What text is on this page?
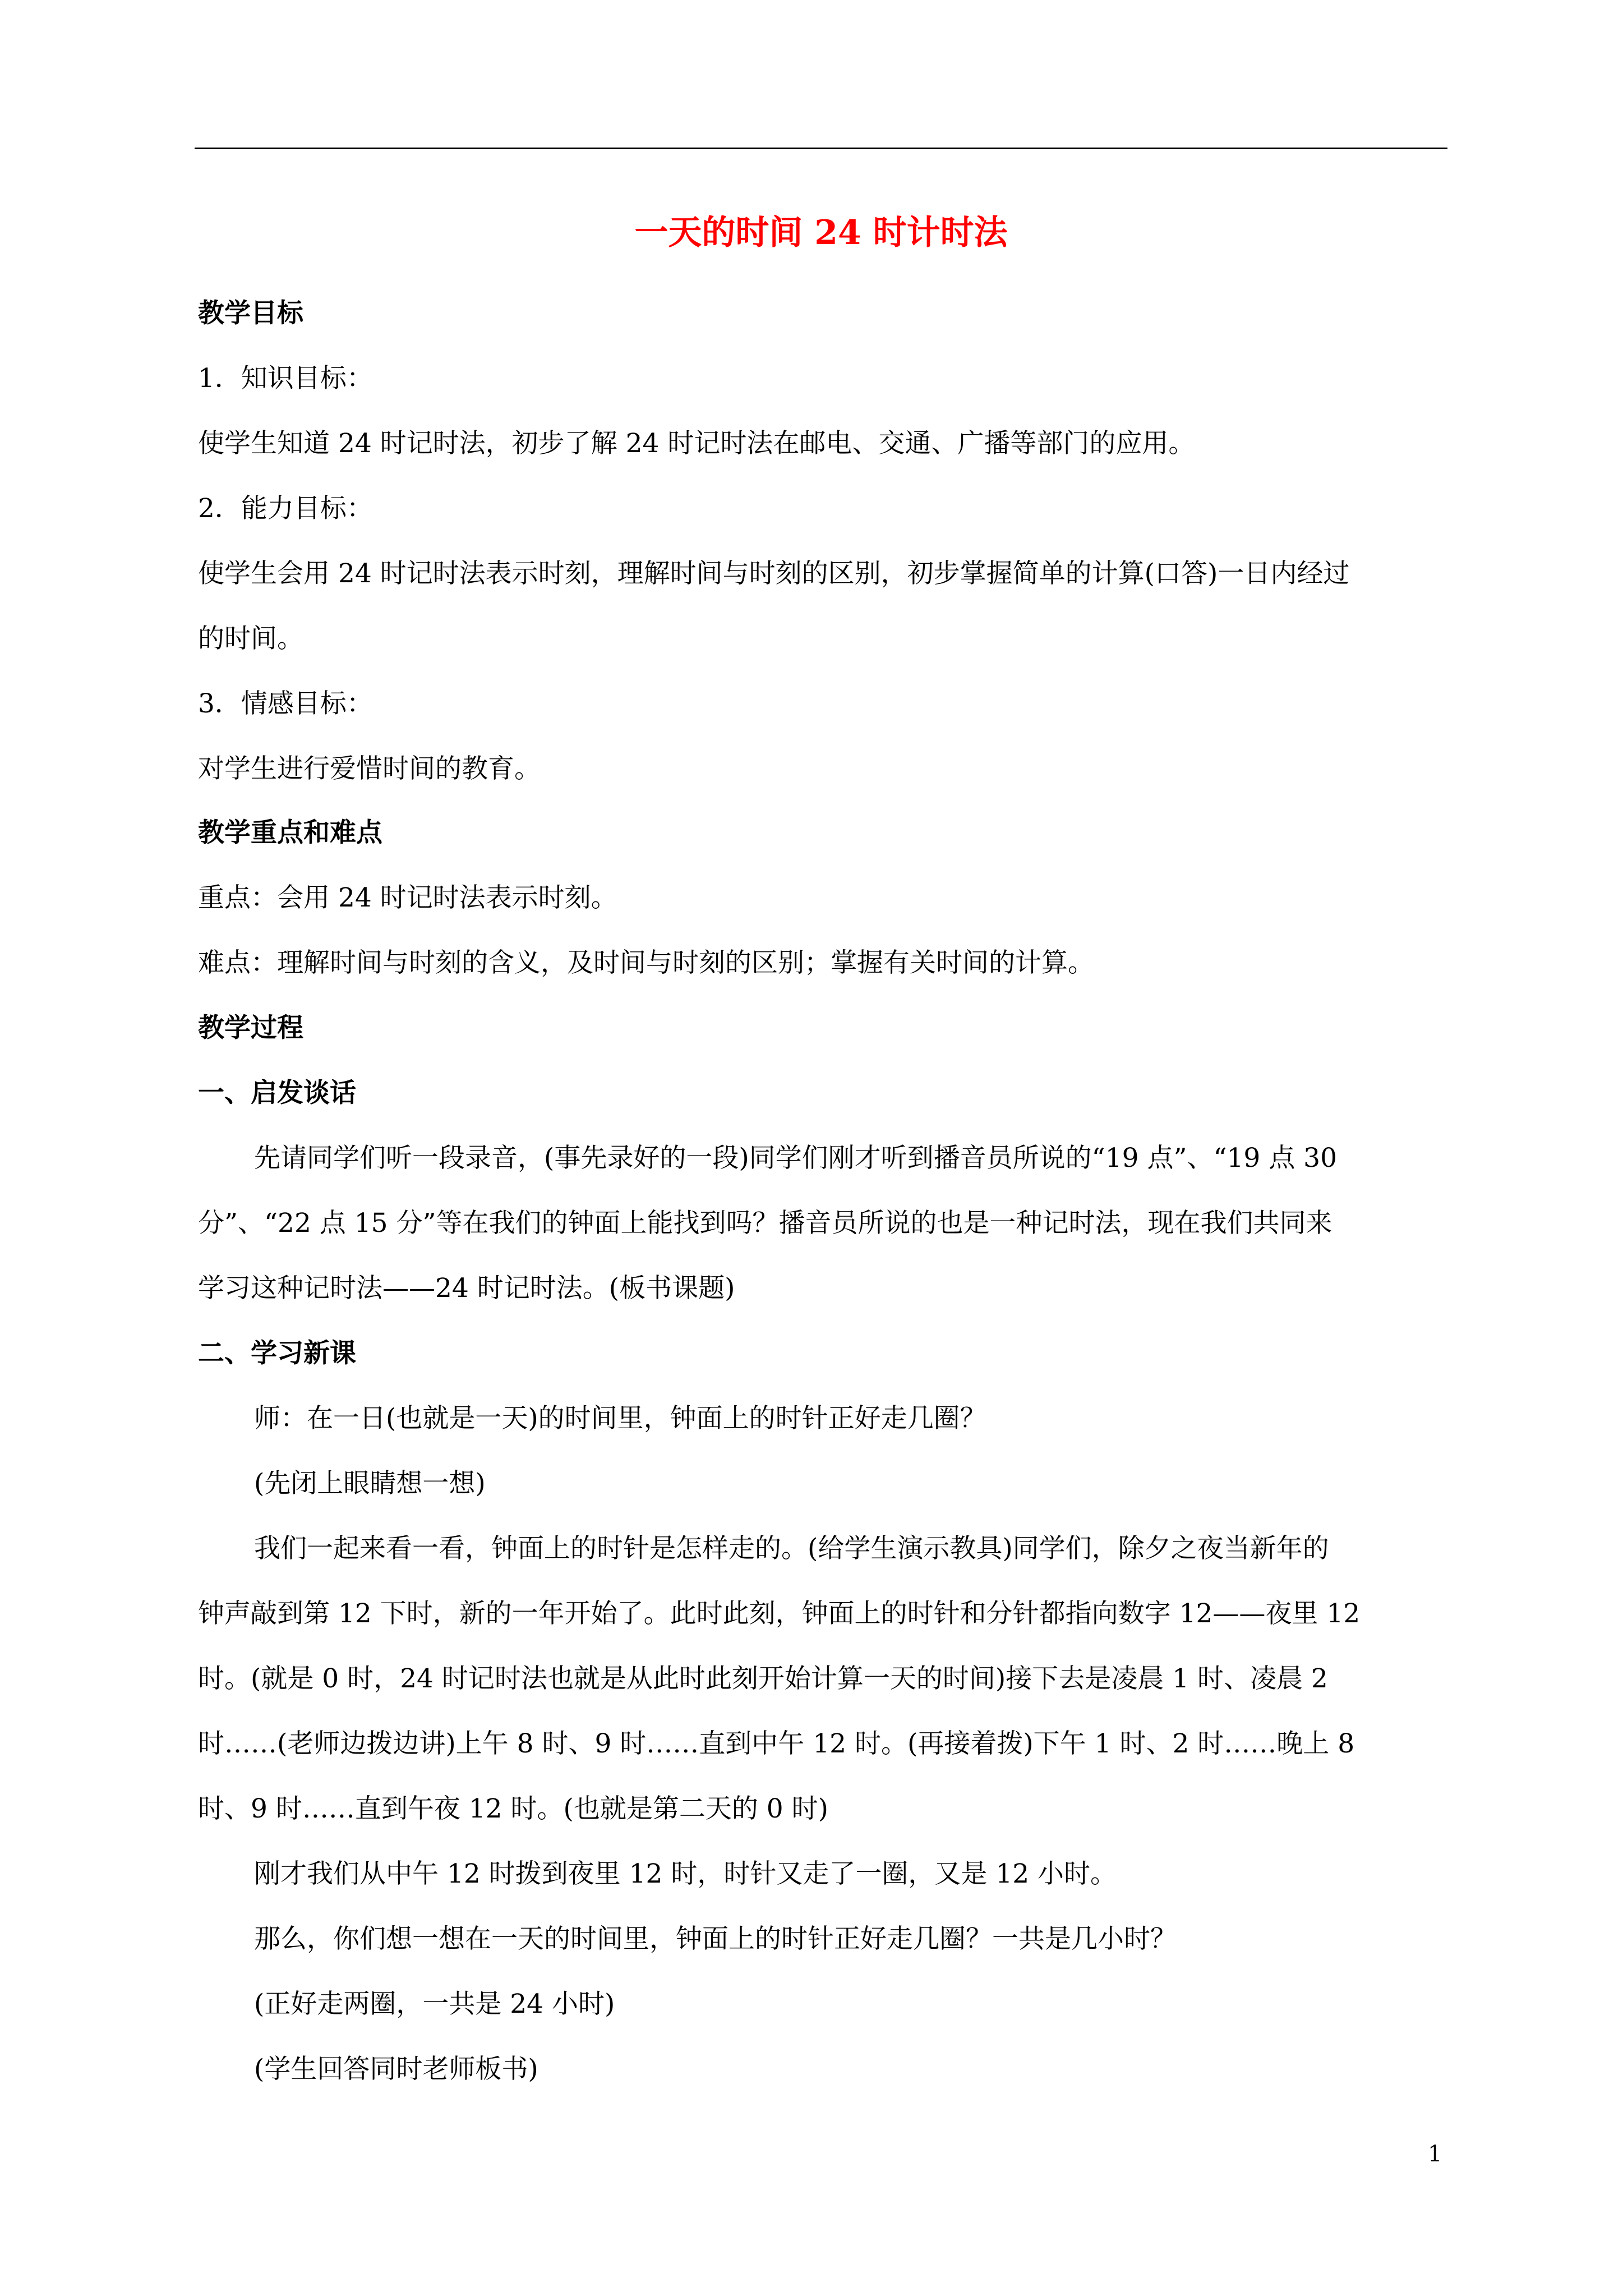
一天的时间 24 时计时法
教学目标
1．知识目标：
使学生知道 24 时记时法，初步了解 24 时记时法在邮电、交通、广播等部门的应用。
2．能力目标：
使学生会用 24 时记时法表示时刻，理解时间与时刻的区别，初步掌握简单的计算(口答)一日内经过
的时间。
3．情感目标：
对学生进行爱惜时间的教育。
教学重点和难点
重点：会用 24 时记时法表示时刻。
难点：理解时间与时刻的含义，及时间与时刻的区别；掌握有关时间的计算。
教学过程
一、启发谈话
先请同学们听一段录音，(事先录好的一段)同学们刚才听到播音员所说的“19 点”、“19 点 30
分”、“22 点 15 分”等在我们的钟面上能找到吗？播音员所说的也是一种记时法，现在我们共同来
学习这种记时法——24 时记时法。(板书课题)
二、学习新课
师：在一日(也就是一天)的时间里，钟面上的时针正好走几圈？
(先闭上眼睛想一想)
我们一起来看一看，钟面上的时针是怎样走的。(给学生演示教具)同学们，除夕之夜当新年的
钟声敲到第 12 下时，新的一年开始了。此时此刻，钟面上的时针和分针都指向数字 12——夜里 12
时。(就是 0 时，24 时记时法也就是从此时此刻开始计算一天的时间)接下去是凌晨 1 时、凌晨 2
时……(老师边拨边讲)上午 8 时、9 时……直到中午 12 时。(再接着拨)下午 1 时、2 时……晚上 8
时、9 时……直到午夜 12 时。(也就是第二天的 0 时)
刚才我们从中午 12 时拨到夜里 12 时，时针又走了一圈，又是 12 小时。
那么，你们想一想在一天的时间里，钟面上的时针正好走几圈？一共是几小时？
(正好走两圈，一共是 24 小时)
(学生回答同时老师板书)
1
